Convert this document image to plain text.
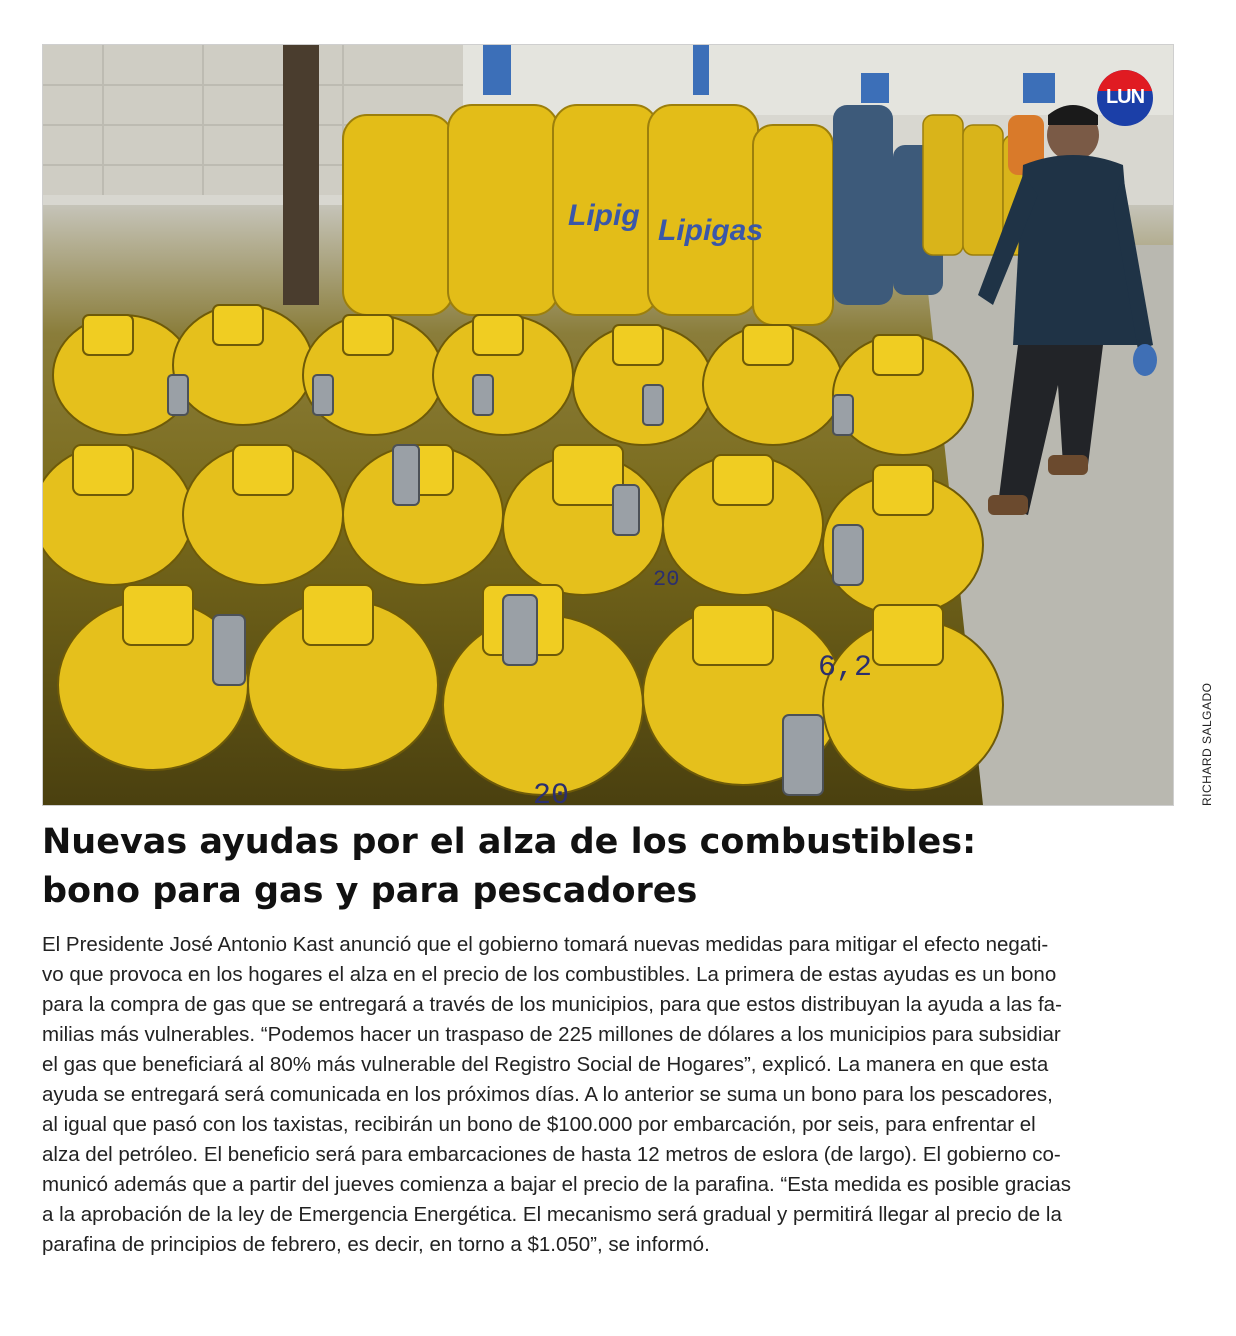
Lipig Lipigas
6,2
20
20
LUN
RICHARD SALGADO
Nuevas ayudas por el alza de los combustibles:
bono para gas y para pescadores

El Presidente José Antonio Kast anunció que el gobierno tomará nuevas medidas para mitigar el efecto negati-
vo que provoca en los hogares el alza en el precio de los combustibles. La primera de estas ayudas es un bono
para la compra de gas que se entregará a través de los municipios, para que estos distribuyan la ayuda a las fa-
milias más vulnerables. “Podemos hacer un traspaso de 225 millones de dólares a los municipios para subsidiar
el gas que beneficiará al 80% más vulnerable del Registro Social de Hogares”, explicó. La manera en que esta
ayuda se entregará será comunicada en los próximos días. A lo anterior se suma un bono para los pescadores,
al igual que pasó con los taxistas, recibirán un bono de $100.000 por embarcación, por seis, para enfrentar el
alza del petróleo. El beneficio será para embarcaciones de hasta 12 metros de eslora (de largo). El gobierno co-
municó además que a partir del jueves comienza a bajar el precio de la parafina. “Esta medida es posible gracias
a la aprobación de la ley de Emergencia Energética. El mecanismo será gradual y permitirá llegar al precio de la
parafina de principios de febrero, es decir, en torno a $1.050”, se informó.
